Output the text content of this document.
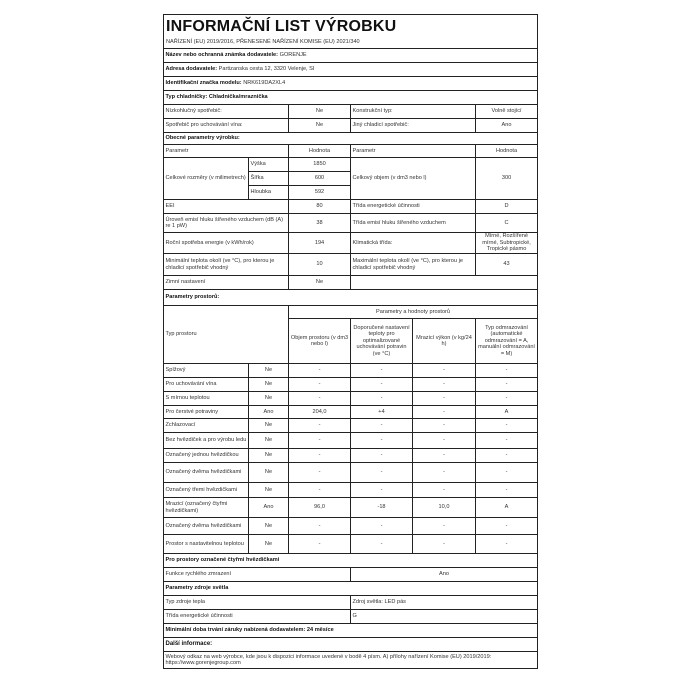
INFORMAČNÍ LIST VÝROBKU
NAŘÍZENÍ (EU) 2019/2016, PŘENESENÉ NAŘÍZENÍ KOMISE (EU) 2021/340					

Název nebo ochranná známka dodavatele: GORENJE					
Adresa dodavatele: Partizanska cesta 12, 3320 Velenje, SI					
Identifikační značka modelu: NRK619DA2XL4					
Typ chladničky: Chladnička/mraznička					
Nízkohlučný spotřebič:		Ne	Konstrukční typ:		Volně stojící
Spotřebič pro uchovávání vína:		Ne	Jiný chladicí spotřebič:		Ano
Obecné parametry výrobku:					
Parametr		Hodnota	Parametr		Hodnota
Celkové rozměry (v milimetrech)	Výška	1850	Celkový objem (v dm3 nebo l)		300
	Šířka	600			
	Hloubka	592			
EEI		80	Třída energetické účinnosti		D
Úroveň emisí hluku šířeného vzduchem (dB (A) re 1 pW)		38	Třída emisí hluku šířeného vzduchem		C
Roční spotřeba energie (v kWh/rok)		194	Klimatická třída:		Mírné, Rozšířené mírné, Subtropické, Tropické pásmo
Minimální teplota okolí (ve °C), pro kterou je chladicí spotřebič vhodný		10	Maximální teplota okolí (ve °C), pro kterou je chladicí spotřebič vhodný		43
Zimní nastavení		Ne			
Parametry prostorů:					
Typ prostoru		Parametry a hodnoty prostorů			
		Objem prostoru (v dm3 nebo l)	Doporučené nastavení teploty pro optimalizované uchovávání potravin (ve °C)	Mrazicí výkon (v kg/24 h)	Typ odmrazování (automatické odmrazování = A, manuální odmrazování = M)
Spížový	Ne	-	-	-	-
Pro uchovávání vína	Ne	-	-	-	-
S mírnou teplotou	Ne	-	-	-	-
Pro čerstvé potraviny	Ano	204,0	+4	-	A
Zchlazovací	Ne	-	-	-	-
Bez hvězdiček a pro výrobu ledu	Ne	-	-	-	-
Označený jednou hvězdičkou	Ne	-	-	-	-
Označený dvěma hvězdičkami	Ne	-	-	-	-
Označený třemi hvězdičkami	Ne	-	-	-	-
Mrazicí (označený čtyřmi hvězdičkami)	Ano	96,0	-18	10,0	A
Označený dvěma hvězdičkami	Ne	-	-	-	-
Prostor s nastavitelnou teplotou	Ne	-	-	-	-
Pro prostory označené čtyřmi hvězdičkami					
Funkce rychlého zmrazení			Ano		
Parametry zdroje světla					
Typ zdroje tepla			Zdroj světla: LED pás		
Třída energetické účinnosti			G		
Minimální doba trvání záruky nabízená dodavatelem: 24 měsíce					
Další informace:					
Webový odkaz na web výrobce, kde jsou k dispozici informace uvedené v bodě 4 písm. A) přílohy nařízení Komise (EU) 2019/2019: https://www.gorenjegroup.com					
